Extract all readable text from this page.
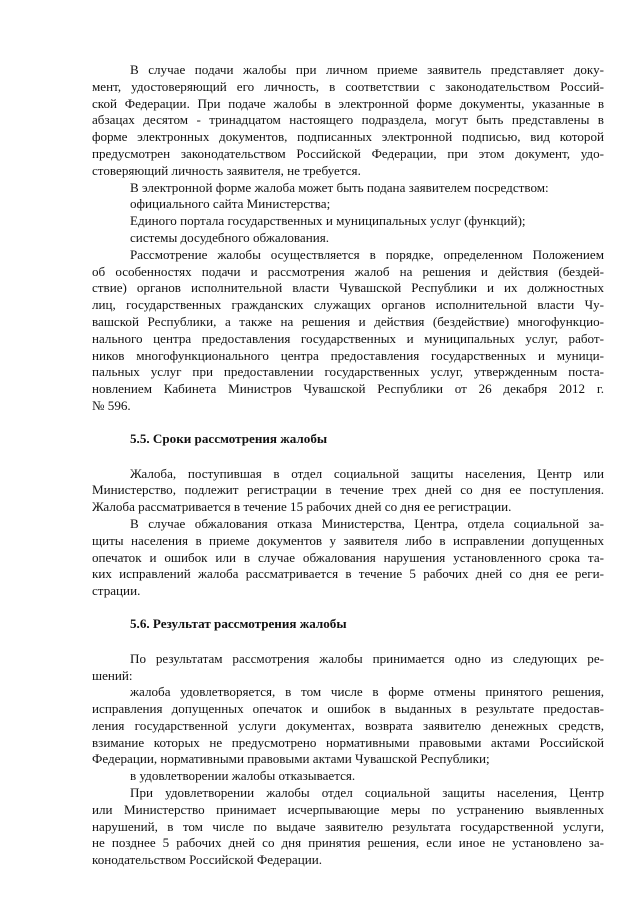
В случае подачи жалобы при личном приеме заявитель представляет доку-
мент, удостоверяющий его личность, в соответствии с законодательством Россий-
ской Федерации. При подаче жалобы в электронной форме документы, указанные в
абзацах десятом - тринадцатом настоящего подраздела, могут быть представлены в
форме электронных документов, подписанных электронной подписью, вид которой
предусмотрен законодательством Российской Федерации, при этом документ, удо-
стоверяющий личность заявителя, не требуется.
В электронной форме жалоба может быть подана заявителем посредством:
официального сайта Министерства;
Единого портала государственных и муниципальных услуг (функций);
системы досудебного обжалования.
Рассмотрение жалобы осуществляется в порядке, определенном Положением
об особенностях подачи и рассмотрения жалоб на решения и действия (бездей-
ствие) органов исполнительной власти Чувашской Республики и их должностных
лиц, государственных гражданских служащих органов исполнительной власти Чу-
вашской Республики, а также на решения и действия (бездействие) многофункцио-
нального центра предоставления государственных и муниципальных услуг, работ-
ников многофункционального центра предоставления государственных и муници-
пальных услуг при предоставлении государственных услуг, утвержденным поста-
новлением Кабинета Министров Чувашской Республики от 26 декабря 2012 г.
№ 596.
5.5. Сроки рассмотрения жалобы
Жалоба, поступившая в отдел социальной защиты населения, Центр или
Министерство, подлежит регистрации в течение трех дней со дня ее поступления.
Жалоба рассматривается в течение 15 рабочих дней со дня ее регистрации.
В случае обжалования отказа Министерства, Центра, отдела социальной за-
щиты населения в приеме документов у заявителя либо в исправлении допущенных
опечаток и ошибок или в случае обжалования нарушения установленного срока та-
ких исправлений жалоба рассматривается в течение 5 рабочих дней со дня ее реги-
страции.
5.6. Результат рассмотрения жалобы
По результатам рассмотрения жалобы принимается одно из следующих ре-
шений:
жалоба удовлетворяется, в том числе в форме отмены принятого решения,
исправления допущенных опечаток и ошибок в выданных в результате предостав-
ления государственной услуги документах, возврата заявителю денежных средств,
взимание которых не предусмотрено нормативными правовыми актами Российской
Федерации, нормативными правовыми актами Чувашской Республики;
в удовлетворении жалобы отказывается.
При удовлетворении жалобы отдел социальной защиты населения, Центр
или Министерство принимает исчерпывающие меры по устранению выявленных
нарушений, в том числе по выдаче заявителю результата государственной услуги,
не позднее 5 рабочих дней со дня принятия решения, если иное не установлено за-
конодательством Российской Федерации.
